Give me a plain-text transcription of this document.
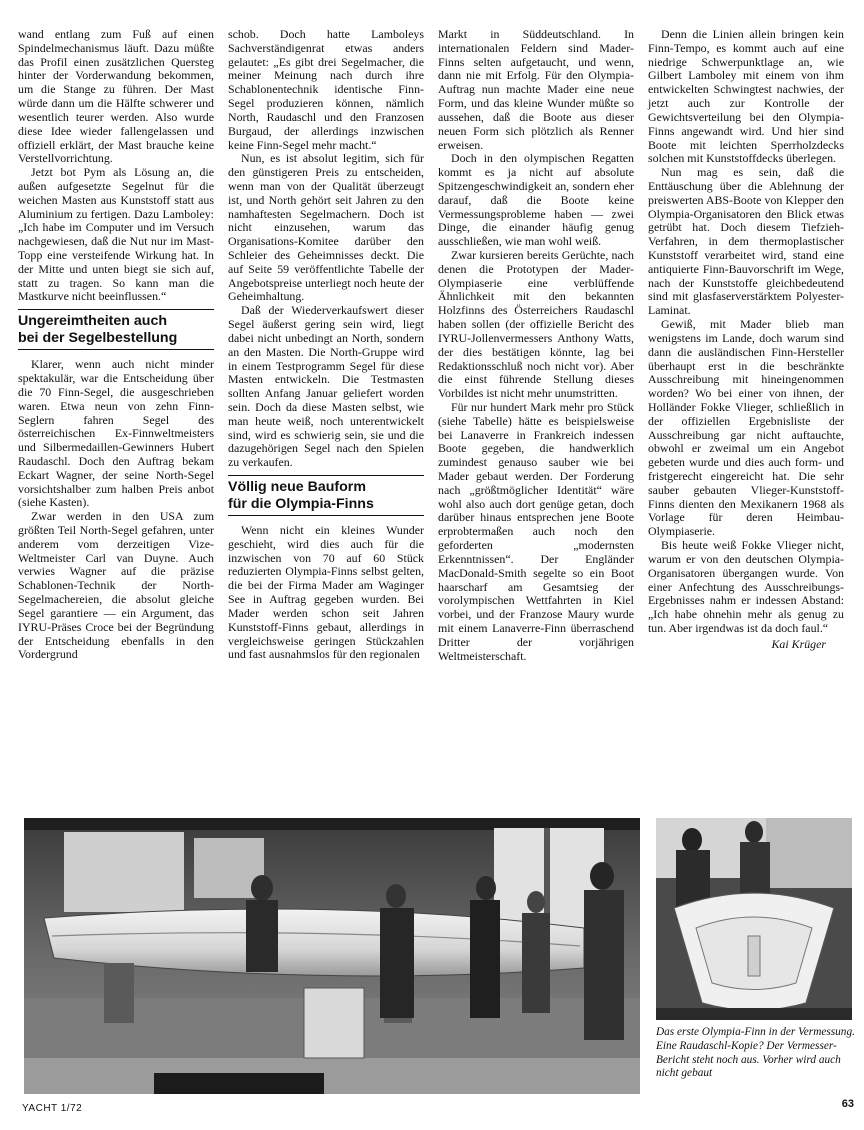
wand entlang zum Fuß auf einen Spindelmechanismus läuft. Dazu müßte das Profil einen zusätzlichen Quersteg hinter der Vorderwandung bekommen, um die Stange zu führen. Der Mast würde dann um die Hälfte schwerer und wesentlich teurer werden. Also wurde diese Idee wieder fallengelassen und offiziell erklärt, der Mast brauche keine Verstellvorrichtung.

Jetzt bot Pym als Lösung an, die außen aufgesetzte Segelnut für die weichen Masten aus Kunststoff statt aus Aluminium zu fertigen. Dazu Lamboley: „Ich habe im Computer und im Versuch nachgewiesen, daß die Nut nur im Mast-Topp eine versteifende Wirkung hat. In der Mitte und unten biegt sie sich auf, statt zu tragen. So kann man die Mastkurve nicht beeinflussen.“

Ungereimtheiten auch
bei der Segelbestellung

Klarer, wenn auch nicht minder spektakulär, war die Entscheidung über die 70 Finn-Segel, die ausgeschrieben waren. Etwa neun von zehn Finn-Seglern fahren Segel des österreichischen Ex-Finnweltmeisters und Silbermedaillen-Gewinners Hubert Raudaschl. Doch den Auftrag bekam Eckart Wagner, der seine North-Segel vorsichtshalber zum halben Preis anbot (siehe Kasten).

Zwar werden in den USA zum größten Teil North-Segel gefahren, unter anderem vom derzeitigen Vize-Weltmeister Carl van Duyne. Auch verwies Wagner auf die präzise Schablonen-Technik der North-Segelmachereien, die absolut gleiche Segel garantiere — ein Argument, das IYRU-Präses Croce bei der Begründung der Entscheidung ebenfalls in den Vordergrund

schob. Doch hatte Lamboleys Sachverständigenrat etwas anders gelautet: „Es gibt drei Segelmacher, die meiner Meinung nach durch ihre Schablonentechnik identische Finn-Segel produzieren können, nämlich North, Raudaschl und den Franzosen Burgaud, der allerdings inzwischen keine Finn-Segel mehr macht.“

Nun, es ist absolut legitim, sich für den günstigeren Preis zu entscheiden, wenn man von der Qualität überzeugt ist, und North gehört seit Jahren zu den namhaftesten Segelmachern. Doch ist nicht einzusehen, warum das Organisations-Komitee darüber den Schleier des Geheimnisses deckt. Die auf Seite 59 veröffentlichte Tabelle der Angebotspreise unterliegt noch heute der Geheimhaltung.

Daß der Wiederverkaufswert dieser Segel äußerst gering sein wird, liegt dabei nicht unbedingt an North, sondern an den Masten. Die North-Gruppe wird in einem Testprogramm Segel für diese Masten entwickeln. Die Testmasten sollten Anfang Januar geliefert worden sein. Doch da diese Masten selbst, wie man heute weiß, noch unterentwickelt sind, wird es schwierig sein, sie und die dazugehörigen Segel nach den Spielen zu verkaufen.

Völlig neue Bauform
für die Olympia-Finns

Wenn nicht ein kleines Wunder geschieht, wird dies auch für die inzwischen von 70 auf 60 Stück reduzierten Olympia-Finns selbst gelten, die bei der Firma Mader am Waginger See in Auftrag gegeben wurden. Bei Mader werden schon seit Jahren Kunststoff-Finns gebaut, allerdings in vergleichsweise geringen Stückzahlen und fast ausnahmslos für den regionalen

Markt in Süddeutschland. In internationalen Feldern sind Mader-Finns selten aufgetaucht, und wenn, dann nie mit Erfolg. Für den Olympia-Auftrag nun machte Mader eine neue Form, und das kleine Wunder müßte so aussehen, daß die Boote aus dieser neuen Form sich plötzlich als Renner erweisen.

Doch in den olympischen Regatten kommt es ja nicht auf absolute Spitzengeschwindigkeit an, sondern eher darauf, daß die Boote keine Vermessungsprobleme haben — zwei Dinge, die einander häufig genug ausschließen, wie man wohl weiß.

Zwar kursieren bereits Gerüchte, nach denen die Prototypen der Mader-Olympiaserie eine verblüffende Ähnlichkeit mit den bekannten Holzfinns des Österreichers Raudaschl haben sollen (der offizielle Bericht des IYRU-Jollenvermessers Anthony Watts, der dies bestätigen könnte, lag bei Redaktionsschluß noch nicht vor). Aber die einst führende Stellung dieses Vorbildes ist nicht mehr unumstritten.

Für nur hundert Mark mehr pro Stück (siehe Tabelle) hätte es beispielsweise bei Lanaverre in Frankreich indessen Boote gegeben, die handwerklich zumindest genauso sauber wie bei Mader gebaut werden. Der Forderung nach „größtmöglicher Identität“ wäre wohl also auch dort genüge getan, doch darüber hinaus entsprechen jene Boote erprobtermaßen auch noch den geforderten „modernsten Erkenntnissen“. Der Engländer MacDonald-Smith segelte so ein Boot haarscharf am Gesamtsieg der vorolympischen Wettfahrten in Kiel vorbei, und der Franzose Maury wurde mit einem Lanaverre-Finn überraschend Dritter der vorjährigen Weltmeisterschaft.

Denn die Linien allein bringen kein Finn-Tempo, es kommt auch auf eine niedrige Schwerpunktlage an, wie Gilbert Lamboley mit einem von ihm entwickelten Schwingtest nachwies, der jetzt auch zur Kontrolle der Gewichtsverteilung bei den Olympia-Finns angewandt wird. Und hier sind Boote mit leichten Sperrholzdecks solchen mit Kunststoffdecks überlegen.

Nun mag es sein, daß die Enttäuschung über die Ablehnung der preiswerten ABS-Boote von Klepper den Olympia-Organisatoren den Blick etwas getrübt hat. Doch diesem Tiefzieh-Verfahren, in dem thermoplastischer Kunststoff verarbeitet wird, stand eine antiquierte Finn-Bauvorschrift im Wege, nach der Kunststoffe gleichbedeutend sind mit glasfaserverstärktem Polyester-Laminat.

Gewiß, mit Mader blieb man wenigstens im Lande, doch warum sind dann die ausländischen Finn-Hersteller überhaupt erst in die beschränkte Ausschreibung mit hineingenommen worden? Wo bei einer von ihnen, der Holländer Fokke Vlieger, schließlich in der offiziellen Ergebnisliste der Ausschreibung gar nicht auftauchte, obwohl er zweimal um ein Angebot gebeten wurde und dies auch form- und fristgerecht eingereicht hat. Die sehr sauber gebauten Vlieger-Kunststoff-Finns dienten den Mexikanern 1968 als Vorlage für deren Heimbau-Olympiaserie.

Bis heute weiß Fokke Vlieger nicht, warum er von den deutschen Olympia-Organisatoren übergangen wurde. Von einer Anfechtung des Ausschreibungs-Ergebnisses nahm er indessen Abstand: „Ich habe ohnehin mehr als genug zu tun. Aber irgendwas ist da doch faul.“

Kai Krüger
Das erste Olympia-Finn in der Vermessung. Eine Raudaschl-Kopie? Der Vermesser-Bericht steht noch aus. Vorher wird auch nicht gebaut
YACHT 1/72	63
